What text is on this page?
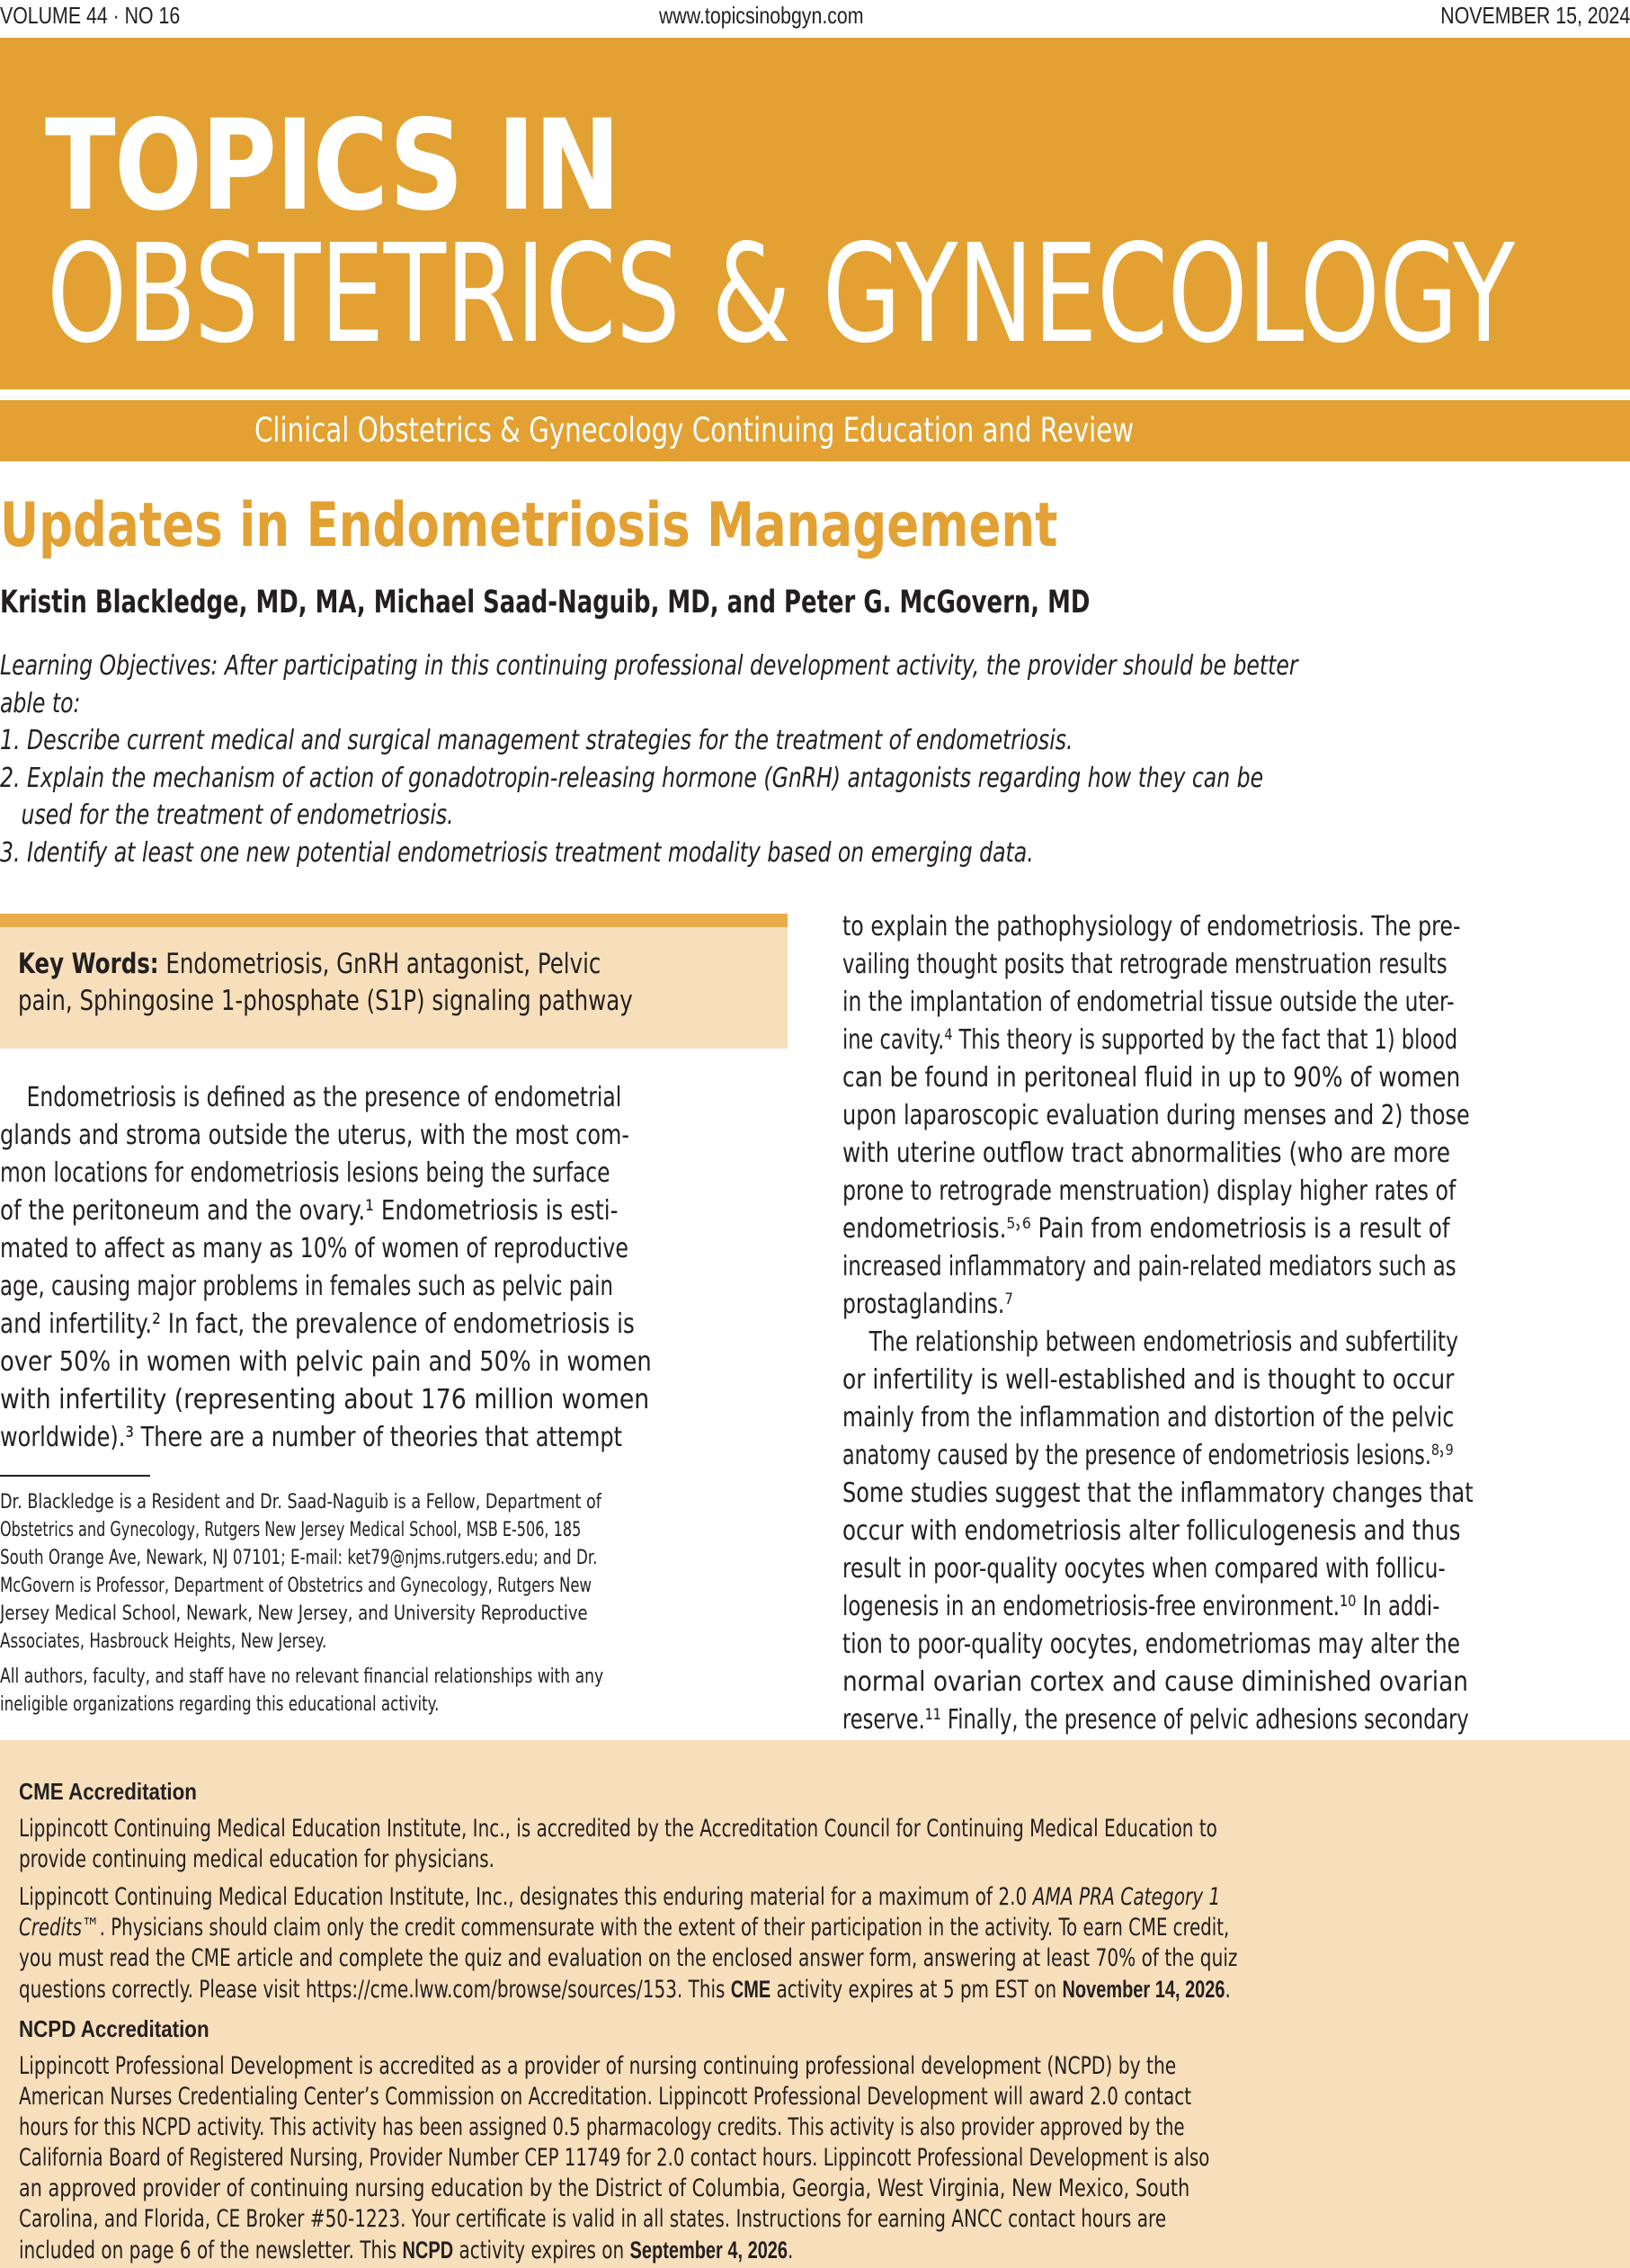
VOLUME 44 · NO 16	www.topicsinobgyn.com	NOVEMBER 15, 2024
TOPICS IN
OBSTETRICS & GYNECOLOGY
Clinical Obstetrics & Gynecology Continuing Education and Review
Updates in Endometriosis Management
Kristin Blackledge, MD, MA, Michael Saad-Naguib, MD, and Peter G. McGovern, MD
Learning Objectives: After participating in this continuing professional development activity, the provider should be better
able to:
1. Describe current medical and surgical management strategies for the treatment of endometriosis.
2. Explain the mechanism of action of gonadotropin-releasing hormone (GnRH) antagonists regarding how they can be
used for the treatment of endometriosis.
3. Identify at least one new potential endometriosis treatment modality based on emerging data.
Key Words: Endometriosis, GnRH antagonist, Pelvic
pain, Sphingosine 1-phosphate (S1P) signaling pathway
Endometriosis is defined as the presence of endometrial
glands and stroma outside the uterus, with the most com-
mon locations for endometriosis lesions being the surface
of the peritoneum and the ovary.¹ Endometriosis is esti-
mated to affect as many as 10% of women of reproductive
age, causing major problems in females such as pelvic pain
and infertility.² In fact, the prevalence of endometriosis is
over 50% in women with pelvic pain and 50% in women
with infertility (representing about 176 million women
worldwide).³ There are a number of theories that attempt
Dr. Blackledge is a Resident and Dr. Saad-Naguib is a Fellow, Department of
Obstetrics and Gynecology, Rutgers New Jersey Medical School, MSB E-506, 185
South Orange Ave, Newark, NJ 07101; E-mail: ket79@njms.rutgers.edu; and Dr.
McGovern is Professor, Department of Obstetrics and Gynecology, Rutgers New
Jersey Medical School, Newark, New Jersey, and University Reproductive
Associates, Hasbrouck Heights, New Jersey.
All authors, faculty, and staff have no relevant financial relationships with any
ineligible organizations regarding this educational activity.
to explain the pathophysiology of endometriosis. The pre-
vailing thought posits that retrograde menstruation results
in the implantation of endometrial tissue outside the uter-
ine cavity.⁴ This theory is supported by the fact that 1) blood
can be found in peritoneal fluid in up to 90% of women
upon laparoscopic evaluation during menses and 2) those
with uterine outflow tract abnormalities (who are more
prone to retrograde menstruation) display higher rates of
endometriosis.⁵˒⁶ Pain from endometriosis is a result of
increased inflammatory and pain-related mediators such as
prostaglandins.⁷
The relationship between endometriosis and subfertility
or infertility is well-established and is thought to occur
mainly from the inflammation and distortion of the pelvic
anatomy caused by the presence of endometriosis lesions.⁸˒⁹
Some studies suggest that the inflammatory changes that
occur with endometriosis alter folliculogenesis and thus
result in poor-quality oocytes when compared with follicu-
logenesis in an endometriosis-free environment.¹⁰ In addi-
tion to poor-quality oocytes, endometriomas may alter the
normal ovarian cortex and cause diminished ovarian
reserve.¹¹ Finally, the presence of pelvic adhesions secondary
CME Accreditation
Lippincott Continuing Medical Education Institute, Inc., is accredited by the Accreditation Council for Continuing Medical Education to
provide continuing medical education for physicians.
Lippincott Continuing Medical Education Institute, Inc., designates this enduring material for a maximum of 2.0 AMA PRA Category 1
Credits™. Physicians should claim only the credit commensurate with the extent of their participation in the activity. To earn CME credit,
you must read the CME article and complete the quiz and evaluation on the enclosed answer form, answering at least 70% of the quiz
questions correctly. Please visit https://cme.lww.com/browse/sources/153. This CME activity expires at 5 pm EST on November 14, 2026.
NCPD Accreditation
Lippincott Professional Development is accredited as a provider of nursing continuing professional development (NCPD) by the
American Nurses Credentialing Center’s Commission on Accreditation. Lippincott Professional Development will award 2.0 contact
hours for this NCPD activity. This activity has been assigned 0.5 pharmacology credits. This activity is also provider approved by the
California Board of Registered Nursing, Provider Number CEP 11749 for 2.0 contact hours. Lippincott Professional Development is also
an approved provider of continuing nursing education by the District of Columbia, Georgia, West Virginia, New Mexico, South
Carolina, and Florida, CE Broker #50-1223. Your certificate is valid in all states. Instructions for earning ANCC contact hours are
included on page 6 of the newsletter. This NCPD activity expires on September 4, 2026.
